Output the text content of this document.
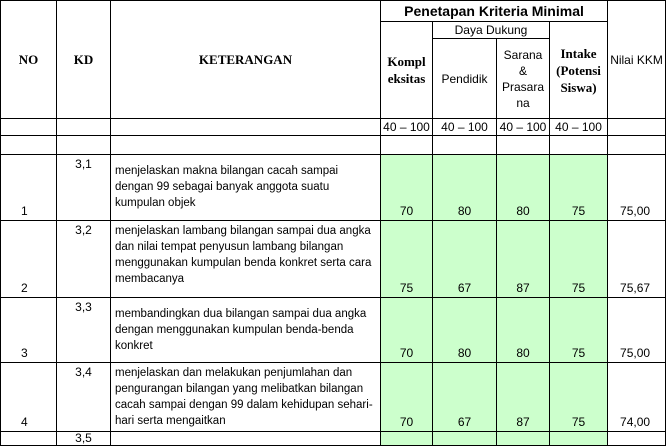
NO	KD	KETERANGAN	Penetapan Kriteria Minimal				Nilai KKM
			Kompl eksitas	Daya Dukung		Intake (Potensi Siswa)	
				Pendidik	Sarana & Prasara na		
			40 – 100	40 – 100	40 – 100	40 – 100	

1	3,1	menjelaskan makna bilangan cacah sampai dengan 99 sebagai banyak anggota suatu kumpulan objek	70	80	80	75	75,00
2	3,2	menjelaskan lambang bilangan sampai dua angka dan nilai tempat penyusun lambang bilangan menggunakan kumpulan benda konkret serta cara membacanya	75	67	87	75	75,67
3	3,3	membandingkan dua bilangan sampai dua angka dengan menggunakan kumpulan benda-benda konkret	70	80	80	75	75,00
4	3,4	menjelaskan dan melakukan penjumlahan dan pengurangan bilangan yang melibatkan bilangan cacah sampai dengan 99 dalam kehidupan sehari-hari serta mengaitkan	70	67	87	75	74,00
	3,5						
